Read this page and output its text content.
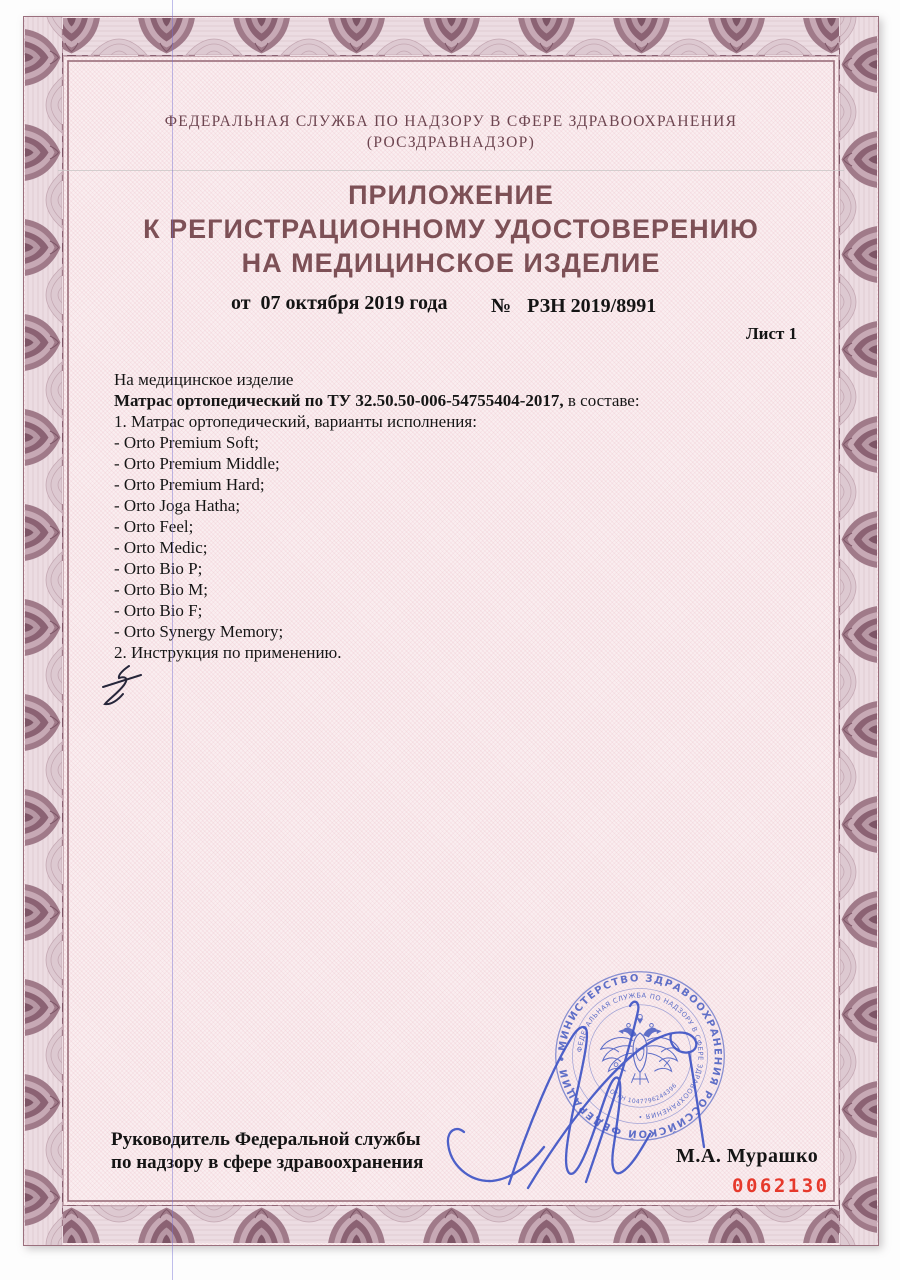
ФЕДЕРАЛЬНАЯ СЛУЖБА ПО НАДЗОРУ В СФЕРЕ ЗДРАВООХРАНЕНИЯ
(РОСЗДРАВНАДЗОР)
ПРИЛОЖЕНИЕ
К РЕГИСТРАЦИОННОМУ УДОСТОВЕРЕНИЮ
НА МЕДИЦИНСКОЕ ИЗДЕЛИЕ
от  07 октября 2019 года № РЗН 2019/8991
Лист 1
На медицинское изделие
Матрас ортопедический по ТУ 32.50.50-006-54755404-2017, в составе:
1. Матрас ортопедический, варианты исполнения:
- Orto Premium Soft;
- Orto Premium Middle;
- Orto Premium Hard;
- Orto Joga Hatha;
- Orto Feel;
- Orto Medic;
- Orto Bio P;
- Orto Bio M;
- Orto Bio F;
- Orto Synergy Memory;
2. Инструкция по применению.
Руководитель Федеральной службы
по надзору в сфере здравоохранения	М.А. Мурашко
0062130
МИНИСТЕРСТВО ЗДРАВООХРАНЕНИЯ РОССИЙСКОЙ ФЕДЕРАЦИИ •
ФЕДЕРАЛЬНАЯ СЛУЖБА ПО НАДЗОРУ В СФЕРЕ ЗДРАВООХРАНЕНИЯ •
ОГРН 1047796244396
